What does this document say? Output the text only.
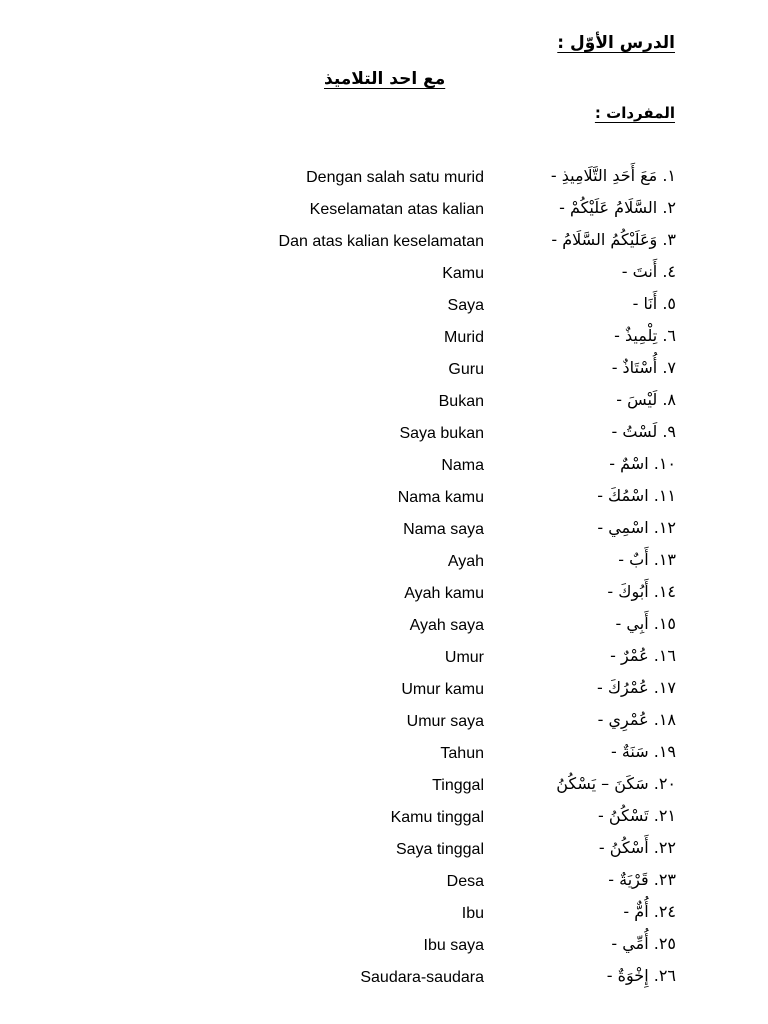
الدرس الأوّل :
مع احد التلاميذ
المفردات :
Dengan salah satu murid	١. مَعَ أَحَدِ التَّلَامِيذِ -
Keselamatan atas kalian	٢. السَّلَامُ عَلَيْكُمْ -
Dan atas kalian keselamatan	٣. وَعَلَيْكُمُ السَّلَامُ -
Kamu	٤. أَنتَ -
Saya	٥. أَنَا -
Murid	٦. تِلْمِيذٌ -
Guru	٧. أُسْتَاذٌ -
Bukan	٨. لَيْسَ -
Saya bukan	٩. لَسْتُ -
Nama	١٠. اسْمٌ -
Nama kamu	١١. اسْمُكَ -
Nama saya	١٢. اسْمِي -
Ayah	١٣. أَبٌ -
Ayah kamu	١٤. أَبُوكَ -
Ayah saya	١٥. أَبِي -
Umur	١٦. عُمْرٌ -
Umur kamu	١٧. عُمْرُكَ -
Umur saya	١٨. عُمْرِي -
Tahun	١٩. سَنَةٌ -
Tinggal	٢٠. سَكَنَ – يَسْكُنُ
Kamu tinggal	٢١. تَسْكُنُ -
Saya tinggal	٢٢. أَسْكُنُ -
Desa	٢٣. قَرْيَةٌ -
Ibu	٢٤. أُمٌّ -
Ibu saya	٢٥. أُمِّي -
Saudara-saudara	٢٦. إِخْوَةٌ -
